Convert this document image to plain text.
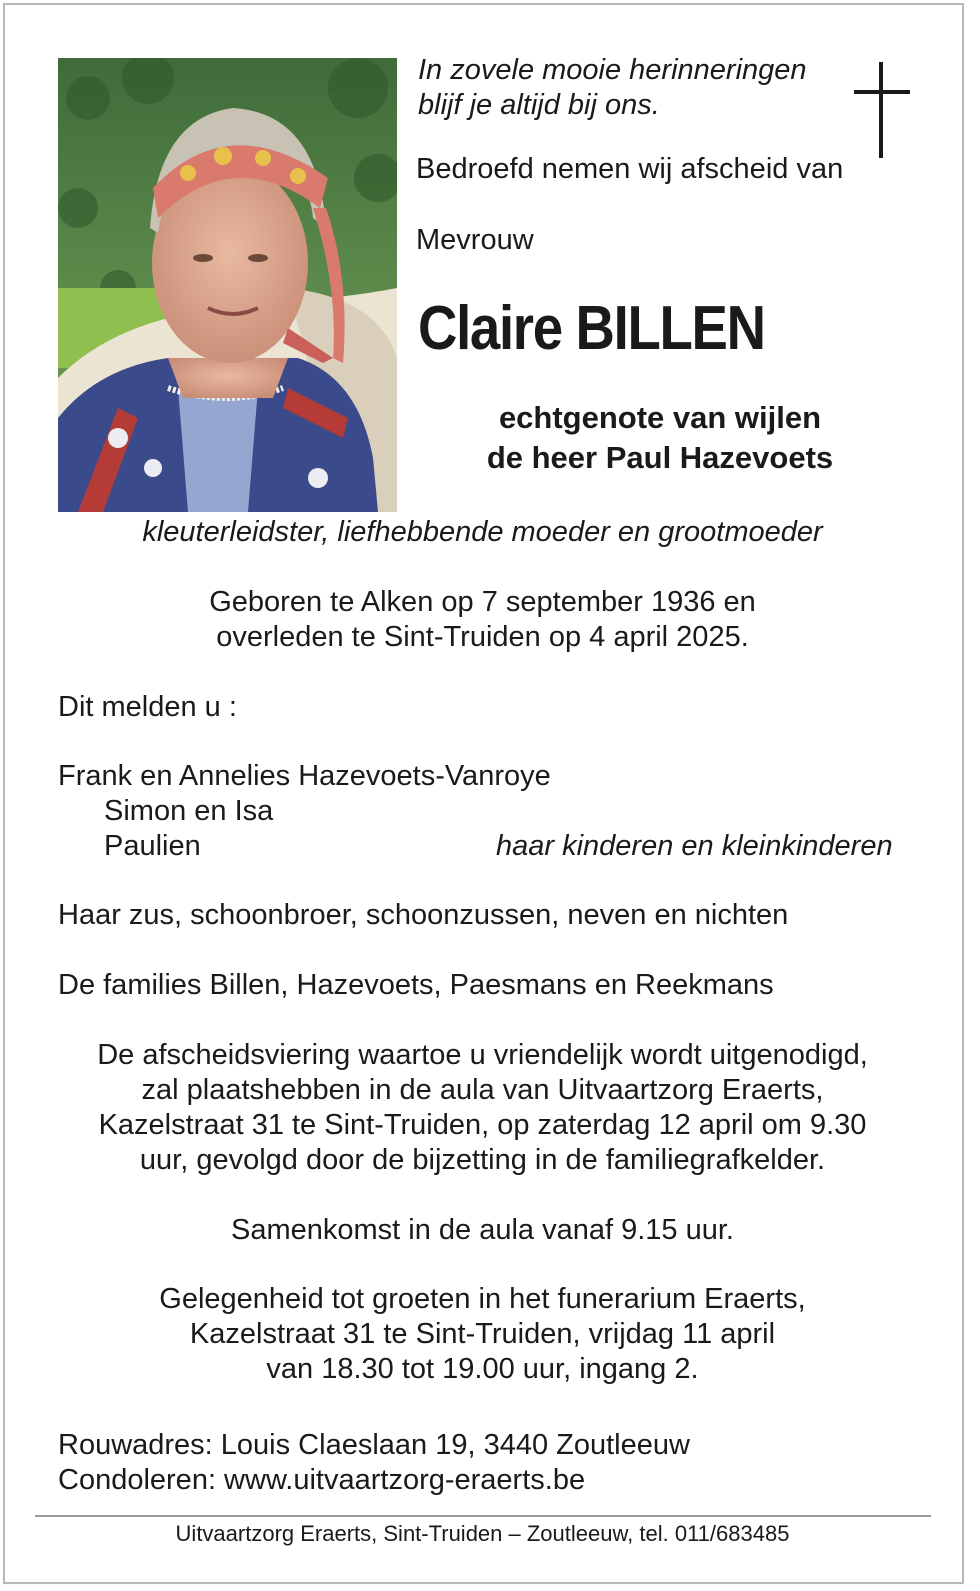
In zovele mooie herinneringen

blijf je altijd bij ons.

Bedroefd nemen wij afscheid van

Mevrouw

Claire BILLEN

echtgenote van wijlen

de heer Paul Hazevoets

kleuterleidster, liefhebbende moeder en grootmoeder
Geboren te Alken op 7 september 1936 en
overleden te Sint-Truiden op 4 april 2025.

Dit melden u :

Frank en Annelies Hazevoets-Vanroye

Simon en Isa

Paulien	haar kinderen en kleinkinderen

Haar zus, schoonbroer, schoonzussen, neven en nichten

De families Billen, Hazevoets, Paesmans en Reekmans

De afscheidsviering waartoe u vriendelijk wordt uitgenodigd,
zal plaatshebben in de aula van Uitvaartzorg Eraerts,
Kazelstraat 31 te Sint-Truiden, op zaterdag 12 april om 9.30
uur, gevolgd door de bijzetting in de familiegrafkelder.
Samenkomst in de aula vanaf 9.15 uur.
Gelegenheid tot groeten in het funerarium Eraerts,
Kazelstraat 31 te Sint-Truiden, vrijdag 11 april
van 18.30 tot 19.00 uur, ingang 2.

Rouwadres: Louis Claeslaan 19, 3440 Zoutleeuw

Condoleren: www.uitvaartzorg-eraerts.be

Uitvaartzorg Eraerts, Sint-Truiden – Zoutleeuw, tel. 011/683485
